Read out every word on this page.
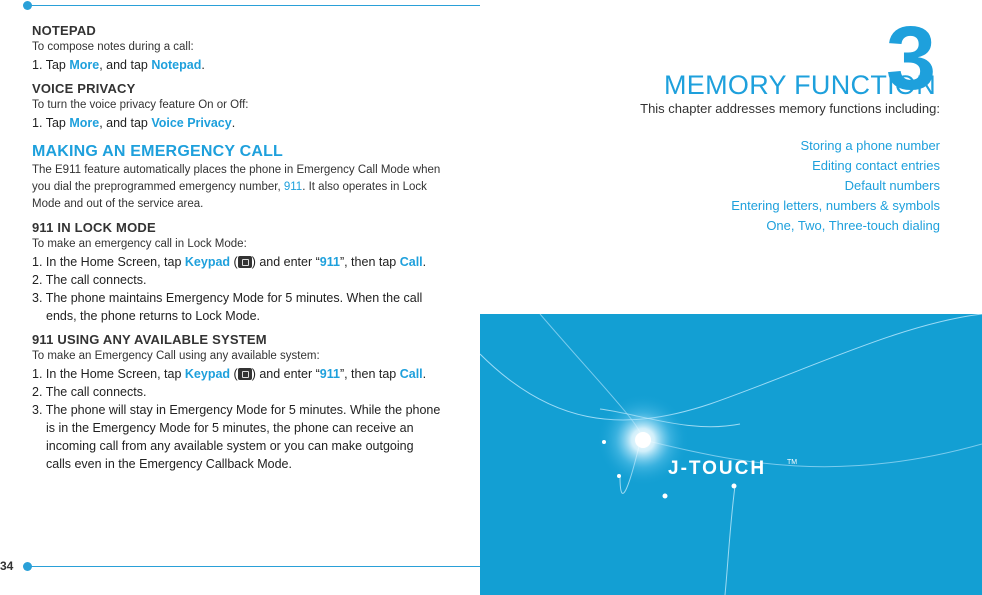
NOTEPAD

To compose notes during a call:

1. Tap More, and tap Notepad.

VOICE PRIVACY

To turn the voice privacy feature On or Off:

1. Tap More, and tap Voice Privacy.

MAKING AN EMERGENCY CALL

The E911 feature automatically places the phone in Emergency Call Mode when you dial the preprogrammed emergency number, 911. It also operates in Lock Mode and out of the service area.

911 IN LOCK MODE

To make an emergency call in Lock Mode:

1. In the Home Screen, tap Keypad ( ) and enter “911”, then tap Call.

2. The call connects.

3. The phone maintains Emergency Mode for 5 minutes. When the call ends, the phone returns to Lock Mode.

911 USING ANY AVAILABLE SYSTEM

To make an Emergency Call using any available system:

1. In the Home Screen, tap Keypad ( ) and enter “911”, then tap Call.

2. The call connects.

3. The phone will stay in Emergency Mode for 5 minutes. While the phone is in the Emergency Mode for 5 minutes, the phone can receive an incoming call from any available system or you can make outgoing calls even in the Emergency Callback Mode.

34
3
MEMORY FUNCTION
This chapter addresses memory functions including:
Storing a phone number
Editing contact entries
Default numbers
Entering letters, numbers & symbols
One, Two, Three-touch dialing
J-TOUCH	TM
